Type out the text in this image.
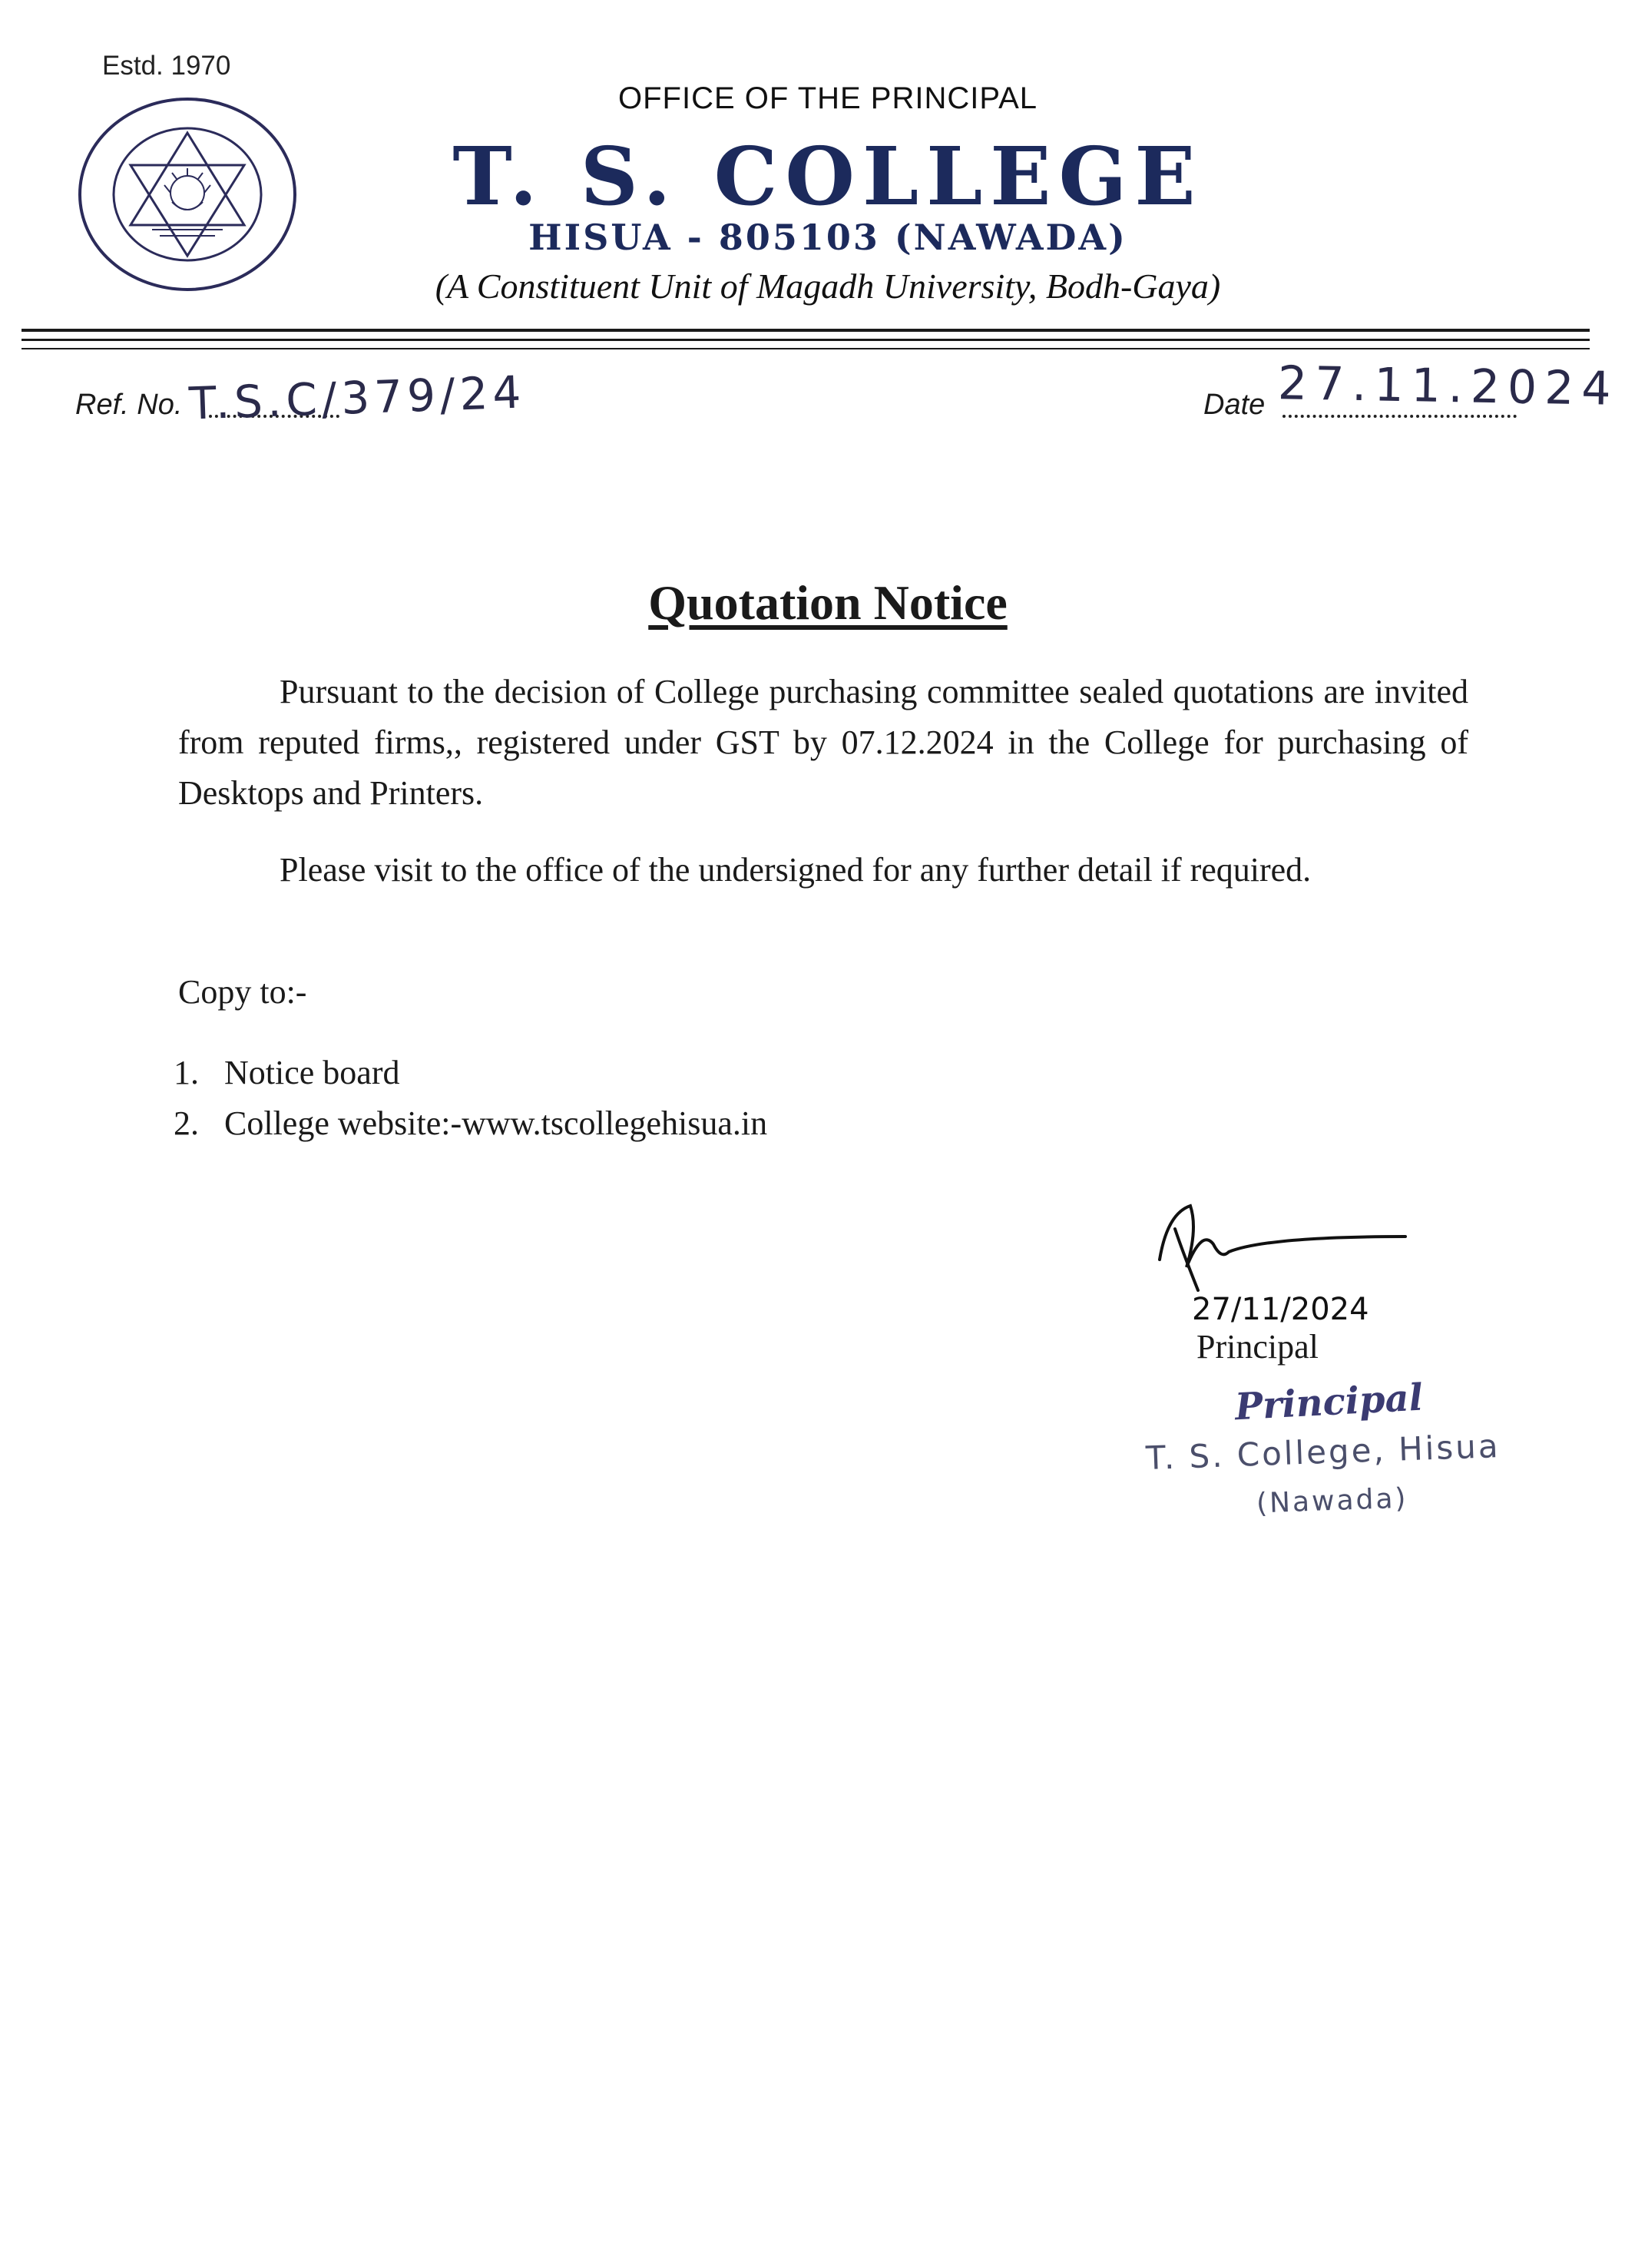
Estd. 1970
OFFICE OF THE PRINCIPAL
T. S. COLLEGE
HISUA - 805103 (NAWADA)
(A Constituent Unit of Magadh University, Bodh-Gaya)
Ref. No. T.S.C/379/24	Date 27.11.2024
Quotation Notice

Pursuant to the decision of College purchasing committee sealed quotations are invited from reputed firms,, registered under GST by 07.12.2024 in the College for purchasing of Desktops and Printers.

Please visit to the office of the undersigned for any further detail if required.

Copy to:-
1. Notice board
2. College website:-www.tscollegehisua.in
27/11/2024
Principal
Principal
T. S. College, Hisua
(Nawada)
